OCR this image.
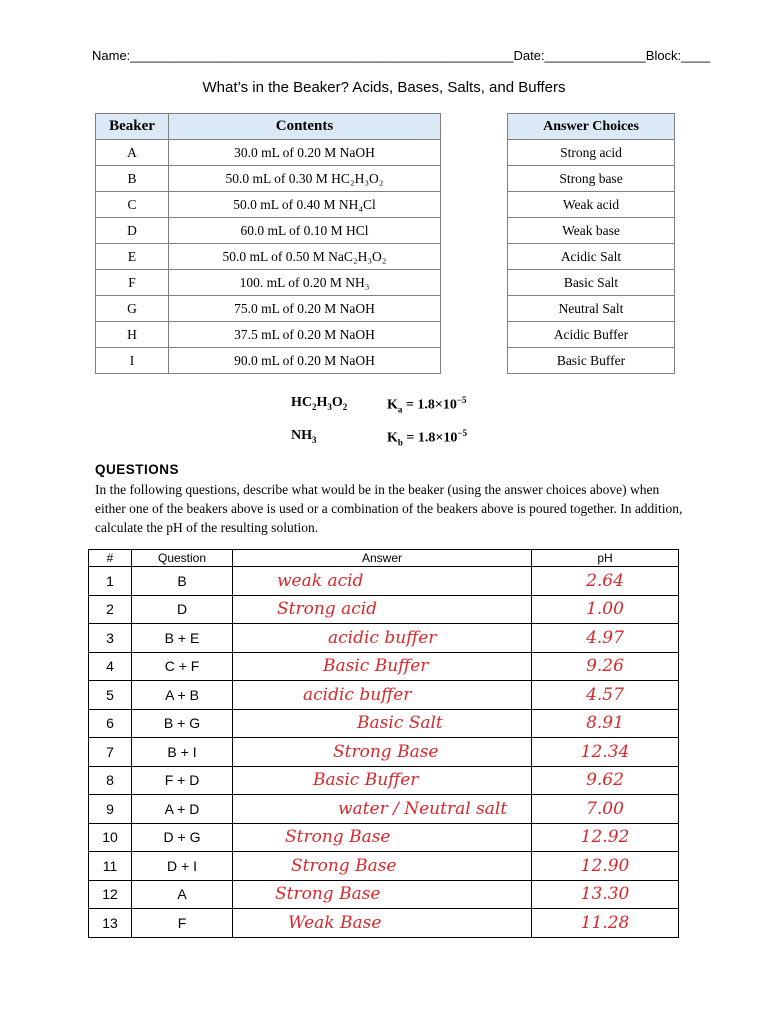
Name:_____________________________________________________Date:______________Block:____
What’s in the Beaker? Acids, Bases, Salts, and Buffers
Beaker	Contents
A	30.0 mL of 0.20 M NaOH
B	50.0 mL of 0.30 M HC₂H₃O₂
C	50.0 mL of 0.40 M NH₄Cl
D	60.0 mL of 0.10 M HCl
E	50.0 mL of 0.50 M NaC₂H₃O₂
F	100. mL of 0.20 M NH₃
G	75.0 mL of 0.20 M NaOH
H	37.5 mL of 0.20 M NaOH
I	90.0 mL of 0.20 M NaOH
Answer Choices
Strong acid
Strong base
Weak acid
Weak base
Acidic Salt
Basic Salt
Neutral Salt
Acidic Buffer
Basic Buffer
$HC_2H_3O_2$	$K_a = 1.8\times 10^{-5}$
$NH_3$	$K_b = 1.8\times 10^{-5}$
QUESTIONS
In the following questions, describe what would be in the beaker (using the answer choices above) when either one of the beakers above is used or a combination of the beakers above is poured together. In addition, calculate the pH of the resulting solution.
#	Question	Answer	pH
1	B	weak acid	2.64
2	D	Strong acid	1.00
3	B + E	acidic buffer	4.97
4	C + F	Basic Buffer	9.26
5	A + B	acidic buffer	4.57
6	B + G	Basic Salt	8.91
7	B + I	Strong Base	12.34
8	F + D	Basic Buffer	9.62
9	A + D	water / Neutral salt	7.00
10	D + G	Strong Base	12.92
11	D + I	Strong Base	12.90
12	A	Strong Base	13.30
13	F	Weak Base	11.28
